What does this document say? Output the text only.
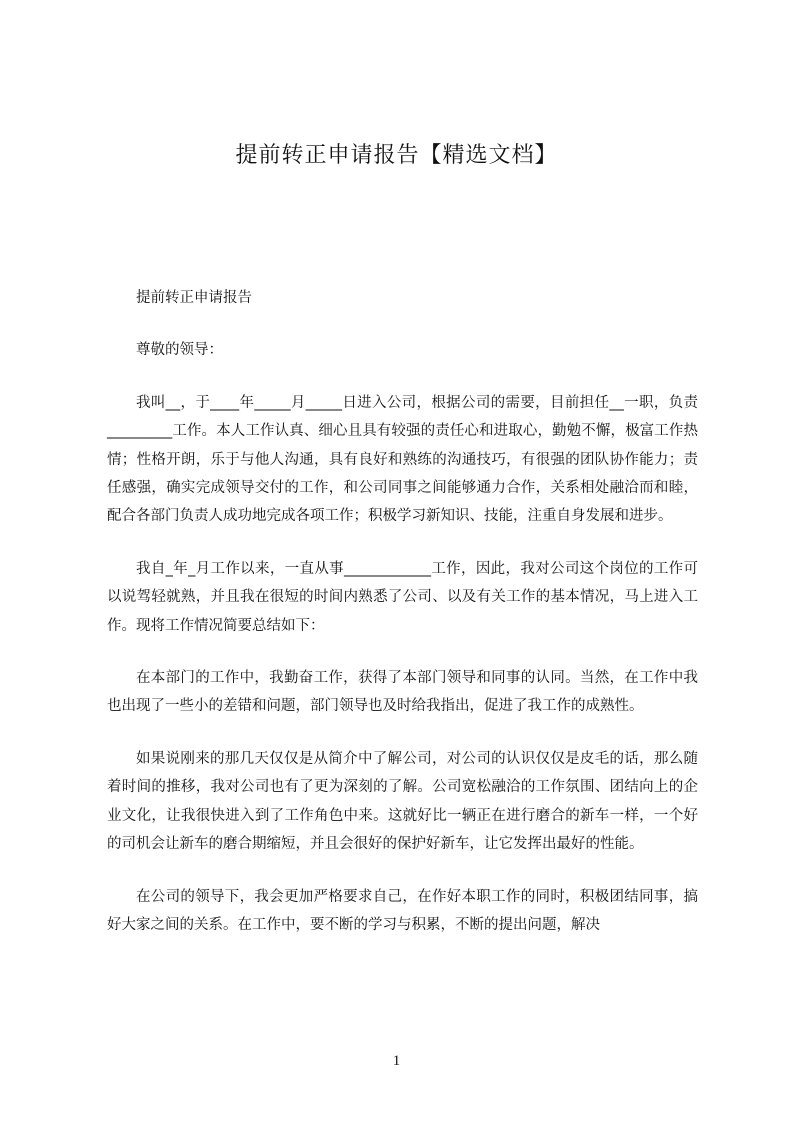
提前转正申请报告【精选文档】

提前转正申请报告

尊敬的领导：

我叫__，于____年_____月_____日进入公司，根据公司的需要，目前担任__一职，负责_________工作。本人工作认真、细心且具有较强的责任心和进取心，勤勉不懈，极富工作热情；性格开朗，乐于与他人沟通，具有良好和熟练的沟通技巧，有很强的团队协作能力；责任感强，确实完成领导交付的工作，和公司同事之间能够通力合作，关系相处融洽而和睦，配合各部门负责人成功地完成各项工作；积极学习新知识、技能，注重自身发展和进步。

我自_年_月工作以来，一直从事____________工作，因此，我对公司这个岗位的工作可以说驾轻就熟，并且我在很短的时间内熟悉了公司、以及有关工作的基本情况，马上进入工作。现将工作情况简要总结如下：

在本部门的工作中，我勤奋工作，获得了本部门领导和同事的认同。当然，在工作中我也出现了一些小的差错和问题，部门领导也及时给我指出，促进了我工作的成熟性。

如果说刚来的那几天仅仅是从简介中了解公司，对公司的认识仅仅是皮毛的话，那么随着时间的推移，我对公司也有了更为深刻的了解。公司宽松融洽的工作氛围、团结向上的企业文化，让我很快进入到了工作角色中来。这就好比一辆正在进行磨合的新车一样，一个好的司机会让新车的磨合期缩短，并且会很好的保护好新车，让它发挥出最好的性能。

在公司的领导下，我会更加严格要求自己，在作好本职工作的同时，积极团结同事，搞好大家之间的关系。在工作中，要不断的学习与积累，不断的提出问题，解决

1
